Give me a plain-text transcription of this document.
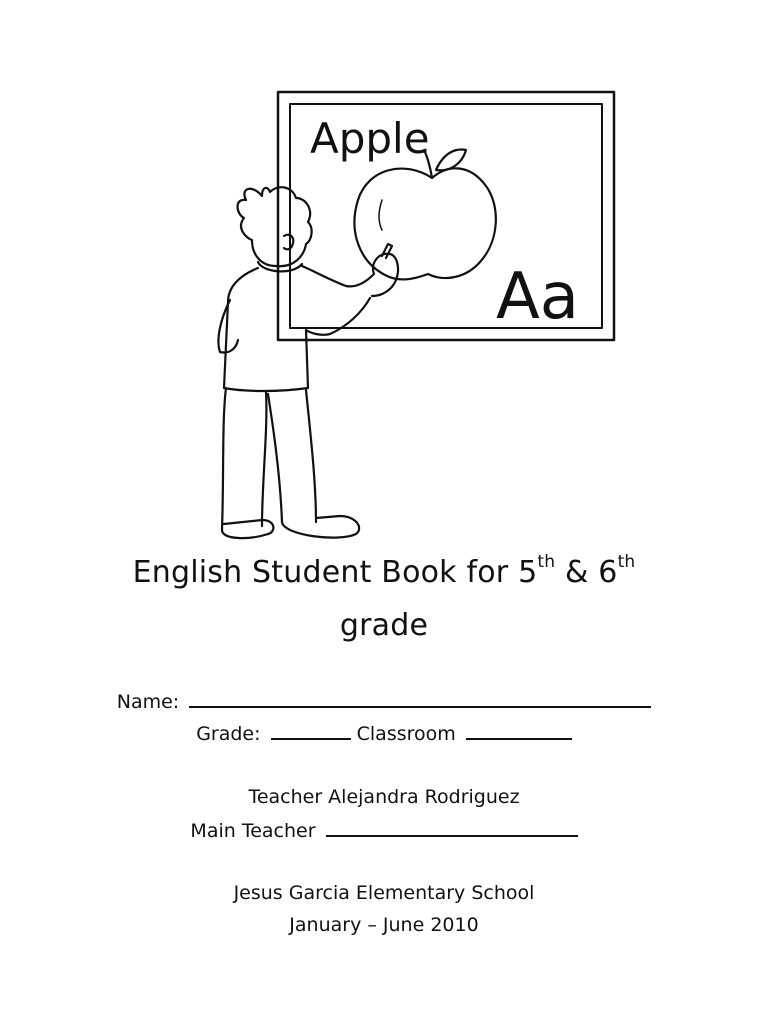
Apple
Aa
English Student Book for 5th & 6th
grade
Name:
Grade:	Classroom
Teacher Alejandra Rodriguez
Main Teacher
Jesus Garcia Elementary School
January – June 2010
